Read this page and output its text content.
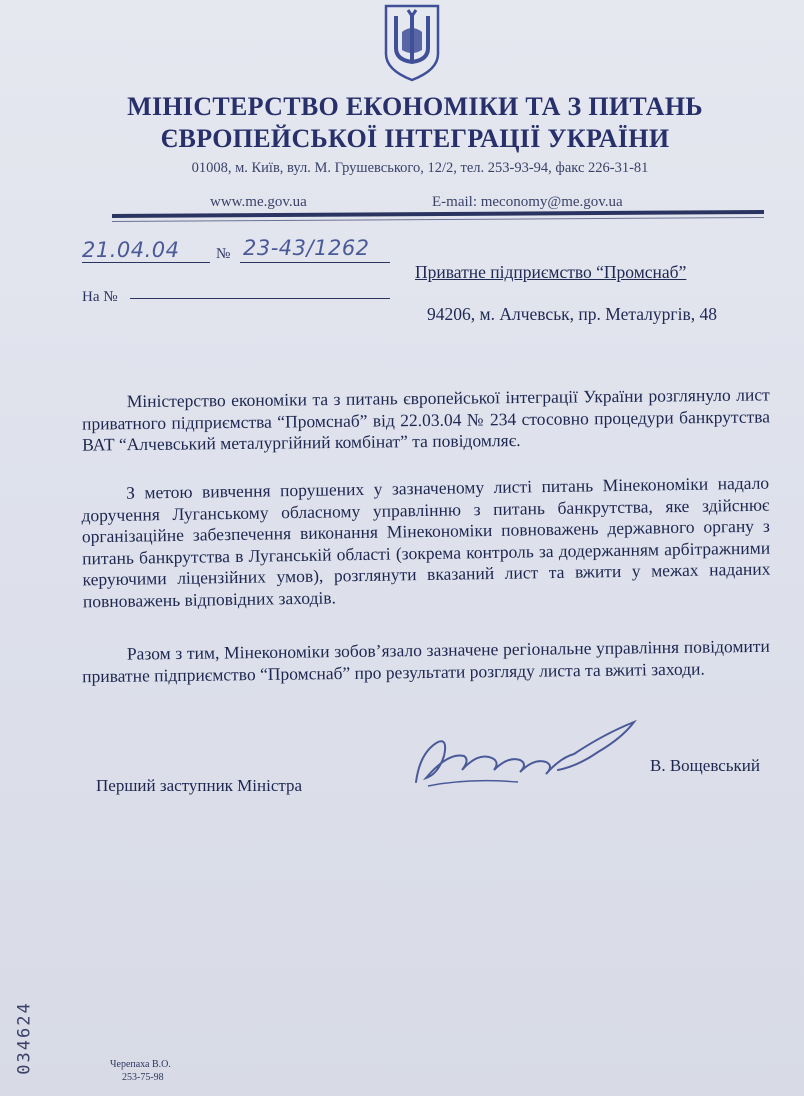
МІНІСТЕРСТВО ЕКОНОМІКИ ТА З ПИТАНЬ
ЄВРОПЕЙСЬКОЇ ІНТЕГРАЦІЇ УКРАЇНИ
01008, м. Київ, вул. М. Грушевського, 12/2, тел. 253-93-94, факс 226-31-81
www.me.gov.ua	E-mail: meconomy@me.gov.ua
21.04.04 № 23-43/1262
На №
Приватне підприємство “Промснаб”
94206, м. Алчевськ, пр. Металургів, 48

Міністерство економіки та з питань європейської інтеграції України розглянуло лист приватного підприємства “Промснаб” від 22.03.04 № 234 стосовно процедури банкрутства ВАТ “Алчевський металургійний комбінат” та повідомляє.

З метою вивчення порушених у зазначеному листі питань Мінекономіки надало доручення Луганському обласному управлінню з питань банкрутства, яке здійснює організаційне забезпечення виконання Мінекономіки повноважень державного органу з питань банкрутства в Луганській області (зокрема контроль за додержанням арбітражними керуючими ліцензійних умов), розглянути вказаний лист та вжити у межах наданих повноважень відповідних заходів.

Разом з тим, Мінекономіки зобов’язало зазначене регіональне управління повідомити приватне підприємство “Промснаб” про результати розгляду листа та вжиті заходи.

Перший заступник Міністра
В. Вощевський
034624	Черепаха В.О.
253-75-98
